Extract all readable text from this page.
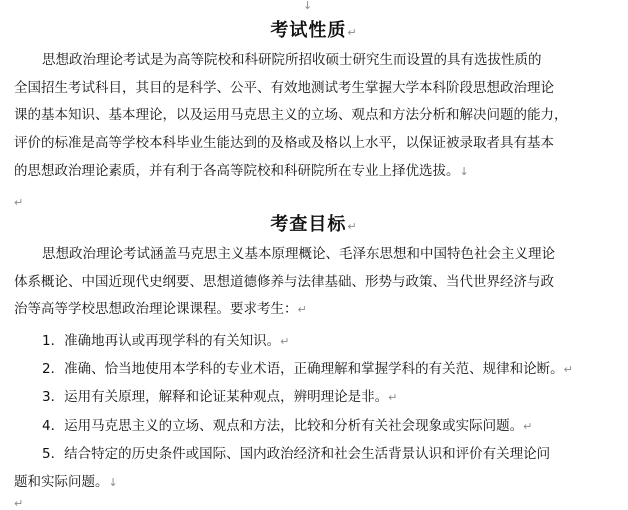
↓
考试性质↵

思想政治理论考试是为高等院校和科研院所招收硕士研究生而设置的具有选拔性质的
全国招生考试科目，其目的是科学、公平、有效地测试考生掌握大学本科阶段思想政治理论
课的基本知识、基本理论，以及运用马克思主义的立场、观点和方法分析和解决问题的能力，
评价的标准是高等学校本科毕业生能达到的及格或及格以上水平，以保证被录取者具有基本
的思想政治理论素质，并有利于各高等院校和科研院所在专业上择优选拔。↓

↵
考查目标↵

思想政治理论考试涵盖马克思主义基本原理概论、毛泽东思想和中国特色社会主义理论
体系概论、中国近现代史纲要、思想道德修养与法律基础、形势与政策、当代世界经济与政
治等高等学校思想政治理论课课程。要求考生：↵

1．准确地再认或再现学科的有关知识。↵
2．准确、恰当地使用本学科的专业术语，正确理解和掌握学科的有关范、规律和论断。↵
3．运用有关原理，解释和论证某种观点，辨明理论是非。↵
4．运用马克思主义的立场、观点和方法，比较和分析有关社会现象或实际问题。↵
5．结合特定的历史条件或国际、国内政治经济和社会生活背景认识和评价有关理论问
题和实际问题。↓
↵
